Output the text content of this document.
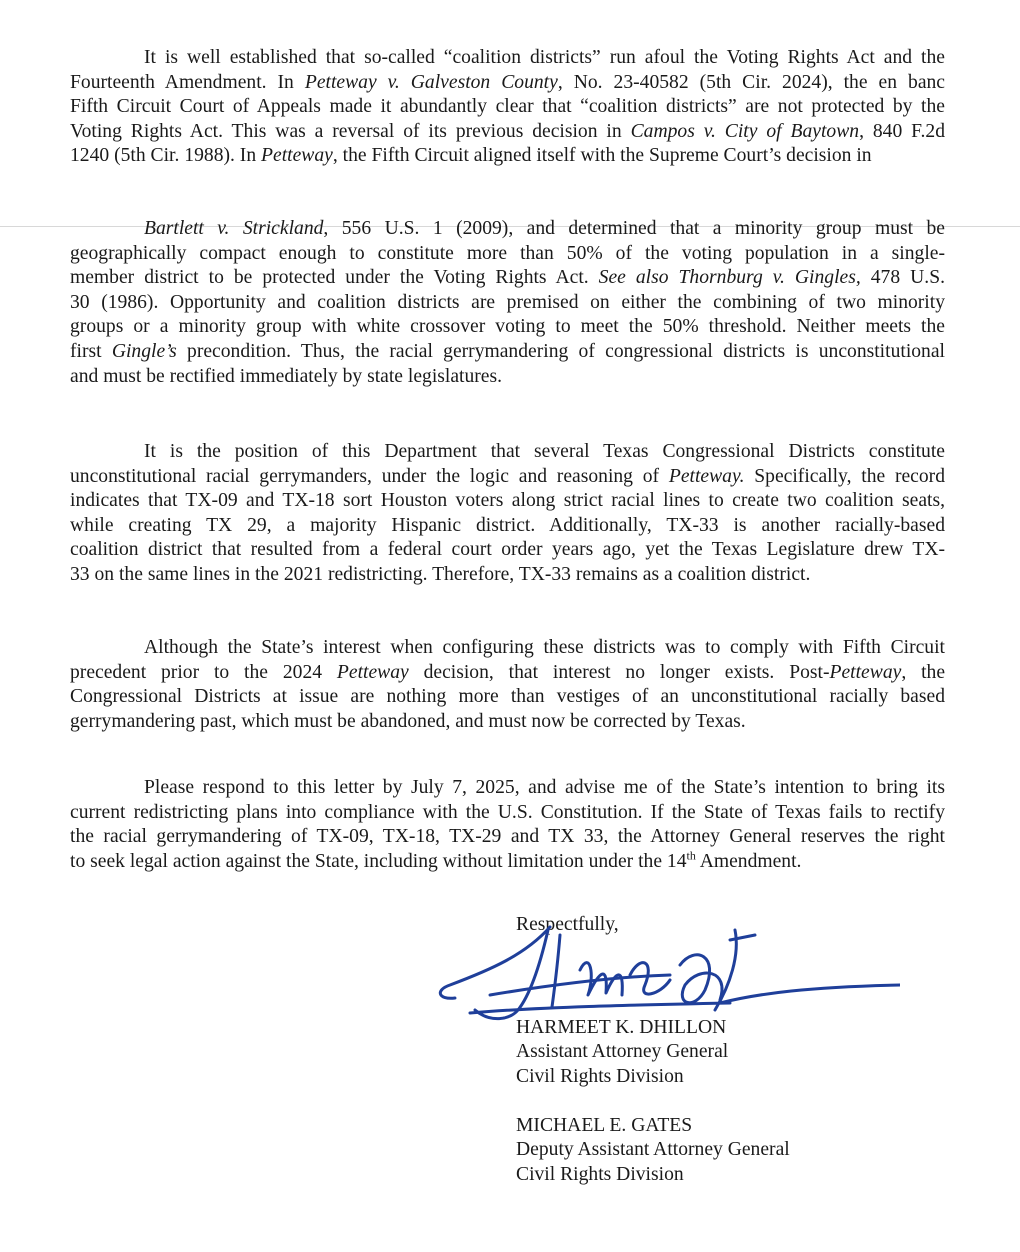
It is well established that so-called “coalition districts” run afoul the Voting Rights Act and the
Fourteenth Amendment. In Petteway v. Galveston County, No. 23-40582 (5th Cir. 2024), the en banc
Fifth Circuit Court of Appeals made it abundantly clear that “coalition districts” are not protected by the
Voting Rights Act. This was a reversal of its previous decision in Campos v. City of Baytown, 840 F.2d
1240 (5th Cir. 1988). In Petteway, the Fifth Circuit aligned itself with the Supreme Court’s decision in
Bartlett v. Strickland, 556 U.S. 1 (2009), and determined that a minority group must be
geographically compact enough to constitute more than 50% of the voting population in a single-
member district to be protected under the Voting Rights Act. See also Thornburg v. Gingles, 478 U.S.
30 (1986). Opportunity and coalition districts are premised on either the combining of two minority
groups or a minority group with white crossover voting to meet the 50% threshold. Neither meets the
first Gingle’s precondition. Thus, the racial gerrymandering of congressional districts is unconstitutional
and must be rectified immediately by state legislatures.
It is the position of this Department that several Texas Congressional Districts constitute
unconstitutional racial gerrymanders, under the logic and reasoning of Petteway. Specifically, the record
indicates that TX-09 and TX-18 sort Houston voters along strict racial lines to create two coalition seats,
while creating TX 29, a majority Hispanic district. Additionally, TX-33 is another racially-based
coalition district that resulted from a federal court order years ago, yet the Texas Legislature drew TX-
33 on the same lines in the 2021 redistricting. Therefore, TX-33 remains as a coalition district.
Although the State’s interest when configuring these districts was to comply with Fifth Circuit
precedent prior to the 2024 Petteway decision, that interest no longer exists. Post-Petteway, the
Congressional Districts at issue are nothing more than vestiges of an unconstitutional racially based
gerrymandering past, which must be abandoned, and must now be corrected by Texas.
Please respond to this letter by July 7, 2025, and advise me of the State’s intention to bring its
current redistricting plans into compliance with the U.S. Constitution. If the State of Texas fails to rectify
the racial gerrymandering of TX-09, TX-18, TX-29 and TX 33, the Attorney General reserves the right
to seek legal action against the State, including without limitation under the 14th Amendment.
Respectfully,
HARMEET K. DHILLON
Assistant Attorney General
Civil Rights Division
MICHAEL E. GATES
Deputy Assistant Attorney General
Civil Rights Division
